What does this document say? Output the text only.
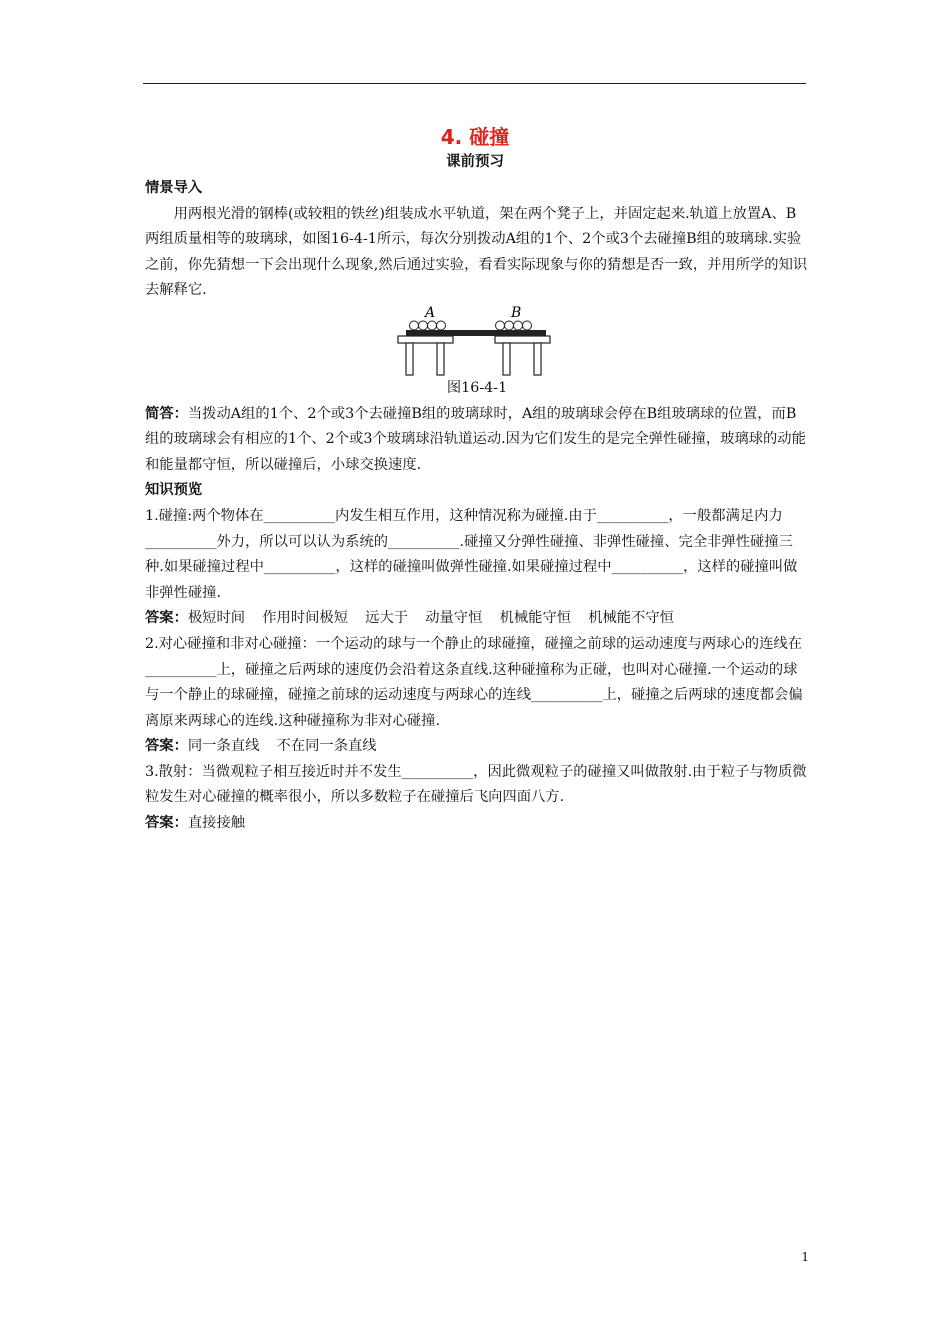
4. 碰撞
课前预习

情景导入

用两根光滑的钢棒(或较粗的铁丝)组装成水平轨道，架在两个凳子上，并固定起来.轨道上放置A、B两组质量相等的玻璃球，如图16-4-1所示，每次分别拨动A组的1个、2个或3个去碰撞B组的玻璃球.实验之前，你先猜想一下会出现什么现象,然后通过实验，看看实际现象与你的猜想是否一致，并用所学的知识去解释它.

A	B

图16-4-1

简答：当拨动A组的1个、2个或3个去碰撞B组的玻璃球时，A组的玻璃球会停在B组玻璃球的位置，而B组的玻璃球会有相应的1个、2个或3个玻璃球沿轨道运动.因为它们发生的是完全弹性碰撞，玻璃球的动能和能量都守恒，所以碰撞后，小球交换速度.

知识预览

1.碰撞:两个物体在__________内发生相互作用，这种情况称为碰撞.由于__________，一般都满足内力__________外力，所以可以认为系统的__________.碰撞又分弹性碰撞、非弹性碰撞、完全非弹性碰撞三种.如果碰撞过程中__________，这样的碰撞叫做弹性碰撞.如果碰撞过程中__________，这样的碰撞叫做非弹性碰撞.

答案：极短时间 作用时间极短 远大于 动量守恒 机械能守恒 机械能不守恒

2.对心碰撞和非对心碰撞：一个运动的球与一个静止的球碰撞，碰撞之前球的运动速度与两球心的连线在__________上，碰撞之后两球的速度仍会沿着这条直线.这种碰撞称为正碰，也叫对心碰撞.一个运动的球与一个静止的球碰撞，碰撞之前球的运动速度与两球心的连线__________上，碰撞之后两球的速度都会偏离原来两球心的连线.这种碰撞称为非对心碰撞.

答案：同一条直线 不在同一条直线

3.散射：当微观粒子相互接近时并不发生__________，因此微观粒子的碰撞又叫做散射.由于粒子与物质微粒发生对心碰撞的概率很小，所以多数粒子在碰撞后飞向四面八方.

答案：直接接触

1
